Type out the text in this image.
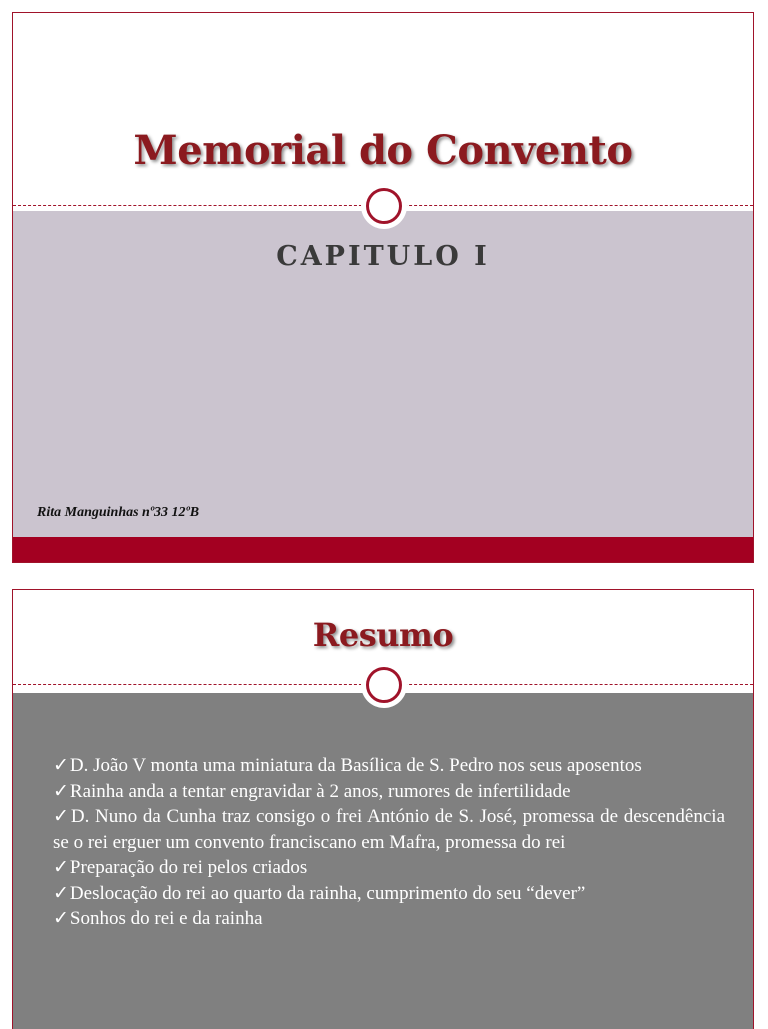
Memorial do Convento
CAPITULO I
Rita Manguinhas nº33 12ºB
Resumo

✓D. João V monta uma miniatura da Basílica de S. Pedro nos seus aposentos

✓Rainha anda a tentar engravidar à 2 anos, rumores de infertilidade

✓D. Nuno da Cunha traz consigo o frei António de S. José, promessa de descendência se o rei erguer um convento franciscano em Mafra, promessa do rei

✓Preparação do rei pelos criados

✓Deslocação do rei ao quarto da rainha, cumprimento do seu “dever”

✓Sonhos do rei e da rainha
